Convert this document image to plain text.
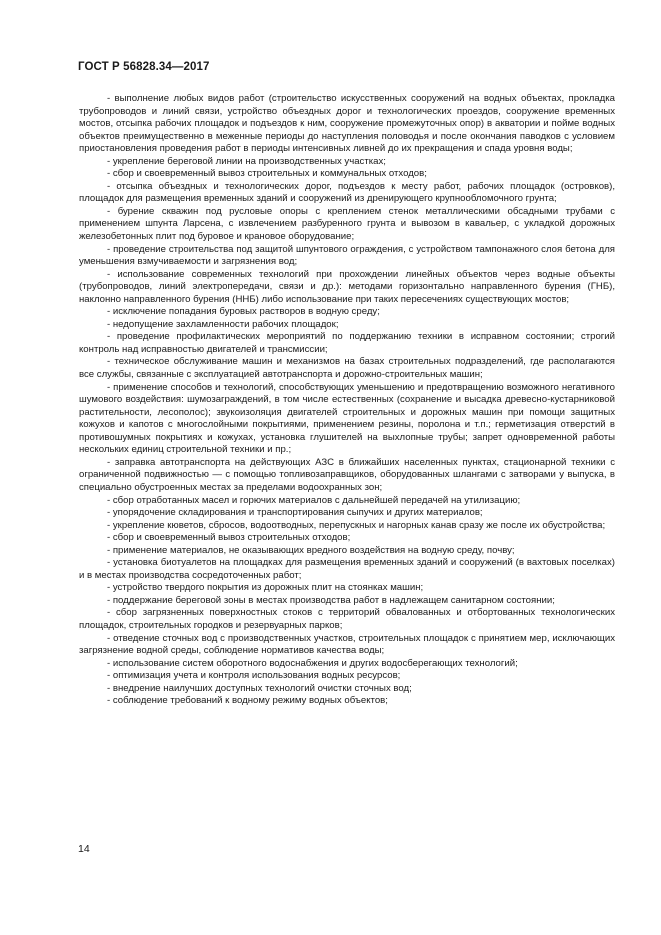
ГОСТ Р 56828.34—2017

- выполнение любых видов работ (строительство искусственных сооружений на водных объектах, прокладка трубопроводов и линий связи, устройство объездных дорог и технологических проездов, сооружение временных мостов, отсыпка рабочих площадок и подъездов к ним, сооружение промежуточных опор) в акватории и пойме водных объектов преимущественно в меженные периоды до наступления половодья и после окончания паводков с условием приостановления проведения работ в периоды интенсивных ливней до их прекращения и спада уровня воды;

- укрепление береговой линии на производственных участках;

- сбор и своевременный вывоз строительных и коммунальных отходов;

- отсыпка объездных и технологических дорог, подъездов к месту работ, рабочих площадок (островков), площадок для размещения временных зданий и сооружений из дренирующего крупнообломочного грунта;

- бурение скважин под русловые опоры с креплением стенок металлическими обсадными трубами с применением шпунта Ларсена, с извлечением разбуренного грунта и вывозом в кавальер, с укладкой дорожных железобетонных плит под буровое и крановое оборудование;

- проведение строительства под защитой шпунтового ограждения, с устройством тампонажного слоя бетона для уменьшения взмучиваемости и загрязнения вод;

- использование современных технологий при прохождении линейных объектов через водные объекты (трубопроводов, линий электропередачи, связи и др.): методами горизонтально направленного бурения (ГНБ), наклонно направленного бурения (ННБ) либо использование при таких пересечениях существующих мостов;

- исключение попадания буровых растворов в водную среду;

- недопущение захламленности рабочих площадок;

- проведение профилактических мероприятий по поддержанию техники в исправном состоянии; строгий контроль над исправностью двигателей и трансмиссии;

- техническое обслуживание машин и механизмов на базах строительных подразделений, где располагаются все службы, связанные с эксплуатацией автотранспорта и дорожно-строительных машин;

- применение способов и технологий, способствующих уменьшению и предотвращению возможного негативного шумового воздействия: шумозаграждений, в том числе естественных (сохранение и высадка древесно-кустарниковой растительности, лесополос); звукоизоляция двигателей строительных и дорожных машин при помощи защитных кожухов и капотов с многослойными покрытиями, применением резины, поролона и т.п.; герметизация отверстий в противошумных покрытиях и кожухах, установка глушителей на выхлопные трубы; запрет одновременной работы нескольких единиц строительной техники и пр.;

- заправка автотранспорта на действующих АЗС в ближайших населенных пунктах, стационарной техники с ограниченной подвижностью — с помощью топливозаправщиков, оборудованных шлангами с затворами у выпуска, в специально обустроенных местах за пределами водоохранных зон;

- сбор отработанных масел и горючих материалов с дальнейшей передачей на утилизацию;

- упорядочение складирования и транспортирования сыпучих и других материалов;

- укрепление кюветов, сбросов, водоотводных, перепускных и нагорных канав сразу же после их обустройства;

- сбор и своевременный вывоз строительных отходов;

- применение материалов, не оказывающих вредного воздействия на водную среду, почву;

- установка биотуалетов на площадках для размещения временных зданий и сооружений (в вахтовых поселках) и в местах производства сосредоточенных работ;

- устройство твердого покрытия из дорожных плит на стоянках машин;

- поддержание береговой зоны в местах производства работ в надлежащем санитарном состоянии;

- сбор загрязненных поверхностных стоков с территорий обвалованных и отбортованных технологических площадок, строительных городков и резервуарных парков;

- отведение сточных вод с производственных участков, строительных площадок с принятием мер, исключающих загрязнение водной среды, соблюдение нормативов качества воды;

- использование систем оборотного водоснабжения и других водосберегающих технологий;

- оптимизация учета и контроля использования водных ресурсов;

- внедрение наилучших доступных технологий очистки сточных вод;

- соблюдение требований к водному режиму водных объектов;

14
